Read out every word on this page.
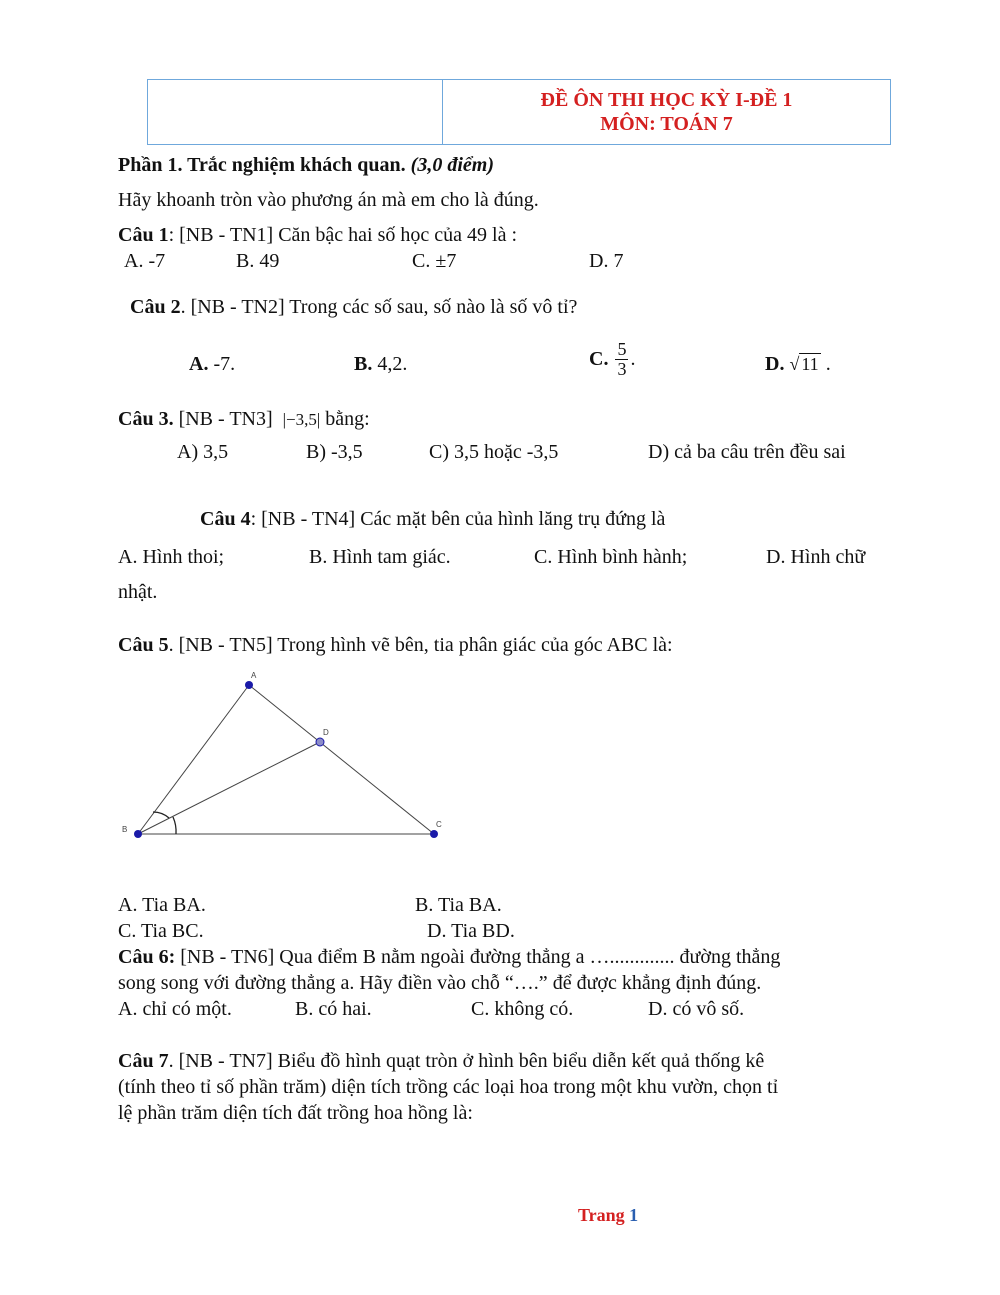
ĐỀ ÔN THI HỌC KỲ I-ĐỀ 1
MÔN: TOÁN 7
Phần 1. Trắc nghiệm khách quan. (3,0 điểm)
Hãy khoanh tròn vào phương án mà em cho là đúng.
Câu 1: [NB - TN1] Căn bậc hai số học của 49 là :
A. -7	B. 49	C. ±7	D. 7
Câu 2. [NB - TN2] Trong các số sau, số nào là số vô tỉ?
A. -7.	B. 4,2.	C.
$\frac{5}{3}$ .	D. √ 11 .
Câu 3. [NB - TN3] |−3,5| bằng:
A) 3,5	B) -3,5	C) 3,5 hoặc -3,5	D) cả ba câu trên đều sai
Câu 4: [NB - TN4] Các mặt bên của hình lăng trụ đứng là
A. Hình thoi;	B. Hình tam giác.	C. Hình bình hành;	D. Hình chữ
nhật.
Câu 5. [NB - TN5] Trong hình vẽ bên, tia phân giác của góc ABC là:
A
D
B
C
A. Tia BA.	B. Tia BA.
C. Tia BC.	D. Tia BD.
Câu 6: [NB - TN6] Qua điểm B nằm ngoài đường thẳng a …............. đường thẳng
song song với đường thẳng a. Hãy điền vào chỗ “….” để được khẳng định đúng.
A. chỉ có một.	B. có hai.	C. không có.	D. có vô số.
Câu 7. [NB - TN7] Biểu đồ hình quạt tròn ở hình bên biểu diễn kết quả thống kê
(tính theo tỉ số phần trăm) diện tích trồng các loại hoa trong một khu vườn, chọn tỉ
lệ phần trăm diện tích đất trồng hoa hồng là:
Trang 1
